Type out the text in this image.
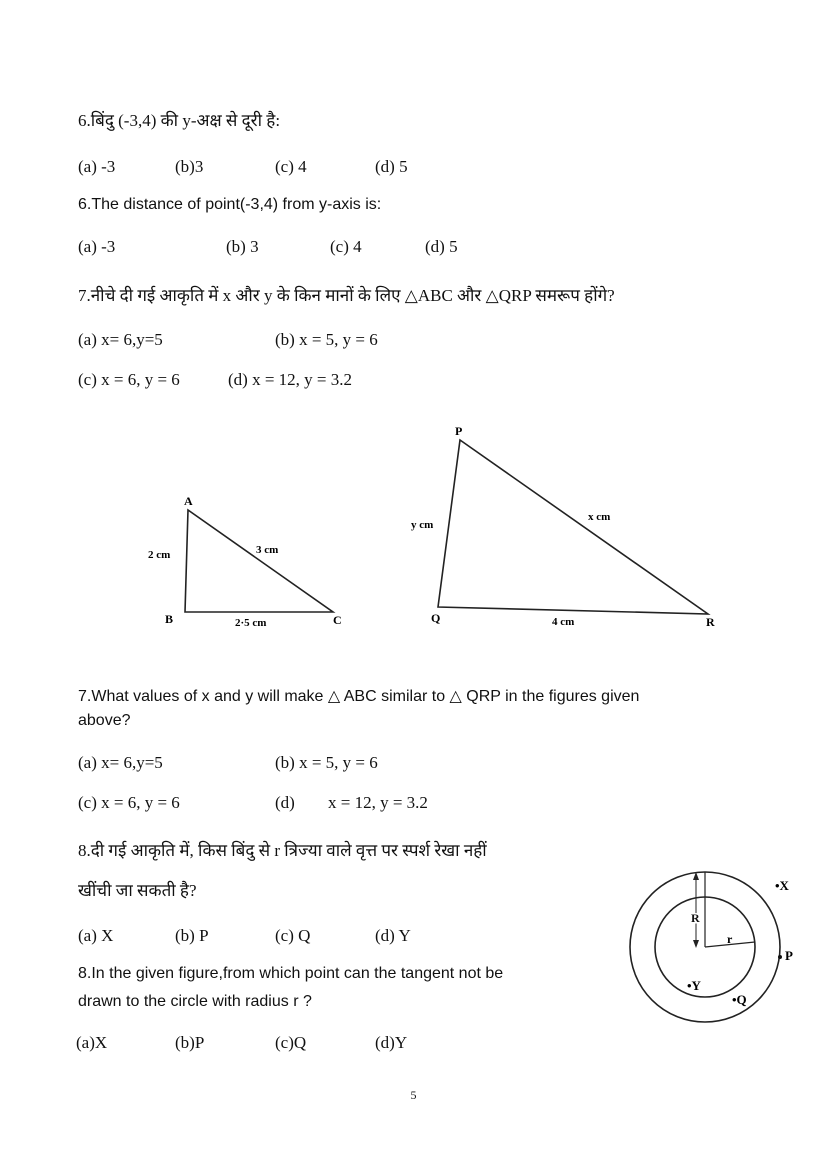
6.बिंदु (-3,4) की y-अक्ष से दूरी है:
(a) -3	(b)3	(c) 4	(d) 5
6.The distance of point(-3,4) from y-axis is:
(a) -3	(b) 3	(c) 4	(d) 5
7.नीचे दी गई आकृति में x और y के किन मानों के लिए △ABC और △QRP समरूप होंगे?
(a) x= 6,y=5	(b) x = 5, y = 6
(c) x = 6, y = 6	(d) x = 12, y = 3.2
A
B	C
2 cm	3 cm
2·5 cm
P
Q	R
y cm
x cm
4 cm
7.What values of x and y will make △ ABC similar to △ QRP in the figures given
above?
(a) x= 6,y=5	(b) x = 5, y = 6
(c) x = 6, y = 6	(d) x = 12, y = 3.2
8.दी गई आकृति में, किस बिंदु से r त्रिज्या वाले वृत्त पर स्पर्श रेखा नहीं
खींची जा सकती है?
(a) X	(b) P	(c) Q	(d) Y
8.In the given figure,from which point can the tangent not be
drawn to the circle with radius r ?
(a)X	(b)P	(c)Q	(d)Y
R
r
•X
P
•Y
•Q
5
